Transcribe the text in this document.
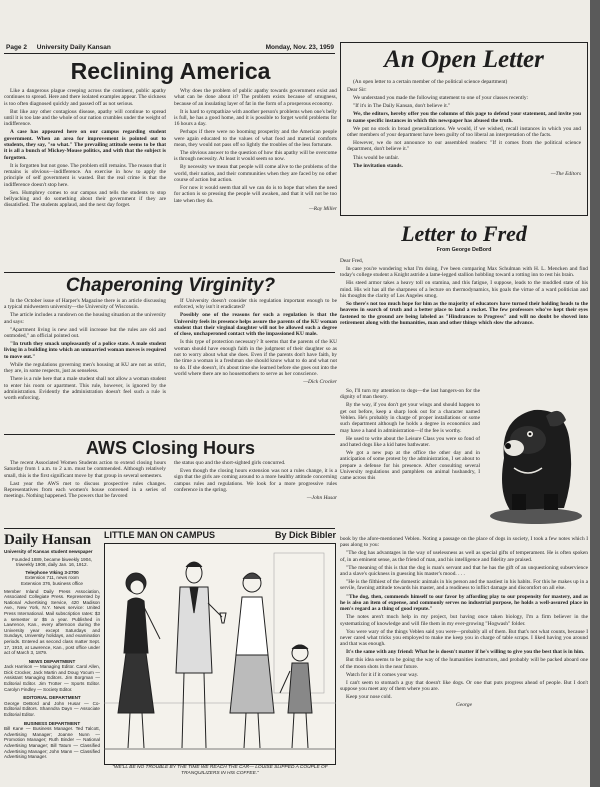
Page 2 University Daily Kansan	Monday, Nov. 23, 1959
Reclining America

Like a dangerous plague creeping across the continent, public apathy continues to spread. Here and there isolated examples appear. The sickness is too often diagnosed quickly and passed off as not serious.

But like any other contagious disease, apathy will continue to spread until it is too late and the whole of our nation crumbles under the weight of indifference.

A case has appeared here on our campus regarding student government. When an area for improvement is pointed out to students, they say, "so what." The prevailing attitude seems to be that it is all a bunch of Mickey-Mouse politics, and with that the subject is forgotten.

It is forgotten but not gone. The problem still remains. The reason that it remains is obvious—indifference. An exercise in how to apply the principle of self government is wasted. But the real crime is that the indifference doesn't stop here.

Sen. Humphrey comes to our campus and tells the students to stop bellyaching and do something about their government if they are dissatisfied. The students applaud, and the next day forget.

Why does the problem of public apathy towards government exist and what can be done about it? The problem exists because of smugness, because of an insulating layer of fat in the form of a prosperous economy.

It is hard to sympathize with another person's problems when one's belly is full, he has a good home, and it is possible to forget world problems for 16 hours a day.

Perhaps if there were no booming prosperity and the American people were again educated to the values of what food and material comforts mean, they would not pass off so lightly the troubles of the less fortunate.

The obvious answer to the question of how this apathy will be overcome is through necessity. At least it would seem so now.

By necessity we mean that people will come alive to the problems of the world, their nation, and their communities when they are faced by no other course of action but action.

For now it would seem that all we can do is to hope that when the need for action is so pressing the people will awaken, and that it will not be too late when they do.

—Ray Miller
An Open Letter

(An open letter to a certain member of the political science department)

Dear Sir:

We understand you made the following statement to one of your classes recently:

"If it's in The Daily Kansan, don't believe it."

We, the editors, hereby offer you the columns of this page to defend your statement, and invite you to name specific instances in which this newspaper has abused the truth.

We put no stock in broad generalizations. We would, if we wished, recall instances in which you and other members of your department have been guilty of too liberal an interpretation of the facts.

However, we do not announce to our assembled readers: "If it comes from the political science department, don't believe it."

This would be unfair.

The invitation stands.

—The Editors
Chaperoning Virginity?

In the October issue of Harper's Magazine there is an article discussing a typical midwestern university—the University of Wisconsin.

The article includes a rundown on the housing situation at the university and says:

"Apartment living is new and will increase but the rules are old and outmoded," an official pointed out.

"In truth they smack unpleasantly of a police state. A male student living in a building into which an unmarried woman moves is required to move out."

While the regulations governing men's housing at KU are not as strict, they are, in some respects, just as senseless.

There is a rule here that a male student shall not allow a woman student to enter his room or apartment. This rule, however, is ignored by the administration. Evidently the administration doesn't feel such a rule is worth enforcing.

If University doesn't consider this regulation important enough to be enforced, why isn't it eradicated?

Possibly one of the reasons for such a regulation is that the University feels its presence helps assure the parents of the KU woman student that their virginal daughter will not be allowed such a degree of close, unchaperoned contact with the impassioned KU male.

Is this type of protection necessary? It seems that the parents of the KU woman should have enough faith in the judgment of their daughter so as not to worry about what she does. Even if the parents don't have faith, by the time a woman is a freshman she should know what to do and what not to do. If she doesn't, it's about time she learned before she goes out into the world where there are no housemothers to serve as her conscience.

—Dick Crocker
AWS Closing Hours

The recent Associated Women Students action to extend closing hours Saturday from 1 a.m. to 2 a.m. must be commended. Although relatively small, this is the first significant move by that group in several semesters.

Last year the AWS met to discuss prospective rules changes. Representatives from each women's house convened in a series of meetings. Nothing happened. The powers that be favored

the status quo and the short-sighted girls concurred.

Even though the closing hours extension was not a rules change, it is a sign that the girls are coming around to a more healthy attitude concerning campus rules and regulations. We look for a more progressive rules conference in the spring.

—John Husar
Daily Hansan
University of Kansas student newspaper
Founded 1889, became biweekly 1904,
triweekly 1908, daily Jan. 16, 1912.
Telephone VIking 3-2700
Extension 711, news room
Extension 376, business office
Member Inland Daily Press Association, Associated Collegiate Press. Represented by National Advertising Service, 420 Madison Ave., New York, N.Y. News service: United Press International. Mail subscription rates: $3 a semester or $5 a year. Published in Lawrence, Kan., every afternoon during the University year except Saturdays and Sundays, University holidays, and examination periods. Entered as second class matter Sept. 17, 1910, at Lawrence, Kan., post office under act of March 3, 1879.
NEWS DEPARTMENT
Jack Harrison — Managing Editor. Carol Allen, Dick Crocker, Jack Martin and Doug Yocum — Assistant Managing Editors. Jim Borgman — Editorial Editor. Jim Trotter — Sports Editor. Carolyn Findley — Society Editor.
EDITORIAL DEPARTMENT
George DeBord and John Husar — Co-Editorial Editors. Shanndra Dayn — Associate Editorial Editor.
BUSINESS DEPARTMENT
Bill Kane — Business Manager. Ted Talcott, Advertising Manager; Joanne Nunn — Promotion Manager; Ruth Binder — National Advertising Manager; Bill Tatum — Classified Advertising Manager; John Mann — Classified Advertising Manager.
LITTLE MAN ON CAMPUS	By Dick Bibler
"WE'LL BE NO TROUBLE BY THE TIME WE REACH THE CAR— LOUISE SLIPPED A COUPLE OF TRANQUILIZERS IN HIS COFFEE."
Letter to Fred
From George DeBord

Dear Fred,

In case you're wondering what I'm doing, I've been comparing Max Schulman with H. L. Mencken and find today's college student a Knight astride a lame-legged stallion hobbling toward a rotting inn to rest his brain.

His steed armor takes a heavy toll on stamina, and this fatigue, I suppose, leads to the muddled state of his mind. His wit has all the sharpness of a lecture on thermodynamics, his goals the virtue of a ward politician and his thoughts the clarity of Los Angeles smog.

So there's not too much hope for him as the majority of educators have turned their holding heads to the heavens in search of truth and a better place to land a rocket. The few professors who've kept their eyes fastened to the ground are being labeled as "Hindrances to Progress" and will no doubt be shoved into retirement along with the humanities, man and other things which slow the advance.

So, I'll turn my attention to dogs—the last hangers-on for the dignity of man theory.

By the way, if you don't get your wings and should happen to get out before, keep a sharp look out for a character named Veblen. He's probably in charge of proper installations or some such department although he holds a degree in economics and may have a hand in administration—if the fee is worthy.

He used to write about the Leisure Class you were so fond of and hated dogs like a kid hates bathwater.

We got a new pup at the office the other day and in anticipation of some protest by the administration, I set about to prepare a defense for his presence. After consulting several University regulations and pamphlets on animal husbandry, I came across this

book by the afore-mentioned Veblen. Noting a passage on the place of dogs in society, I took a few notes which I pass along to you:

"The dog has advantages in the way of uselessness as well as special gifts of temperament. He is often spoken of, in an eminent sense, as the friend of man, and his intelligence and fidelity are praised.

"The meaning of this is that the dog is man's servant and that he has the gift of an unquestioning subservience and a slave's quickness in guessing his master's mood. . . .

"He is the filthiest of the domestic animals in his person and the nastiest in his habits. For this he makes up in a servile, fawning attitude towards his master, and a readiness to inflict damage and discomfort on all else.

"The dog, then, commends himself to our favor by affording play to our propensity for mastery, and as he is also an item of expense, and commonly serves no industrial purpose, he holds a well-assured place in men's regard as a thing of good repute."

The notes aren't much help in my project, but having once taken biology, I'm a firm believer in the systematizing of knowledge and will file them in my ever-growing "Hogwash" folder.

You were wary of the things Veblen said you were—probably all of them. But that's not what counts, because I never cared what tricks you employed to make me keep you in charge of table scraps. I liked having you around and that was enough.

It's the same with any friend: What he is doesn't matter if he's willing to give you the best that is in him.

But this idea seems to be going the way of the humanities instructors, and probably will be packed aboard one of the moon shots in the near future.

Watch for it if it comes your way.

I can't seem to stomach a guy that doesn't like dogs. Or one that puts progress ahead of people. But I don't suppose you meet any of them where you are.

Keep your nose cold.

George
